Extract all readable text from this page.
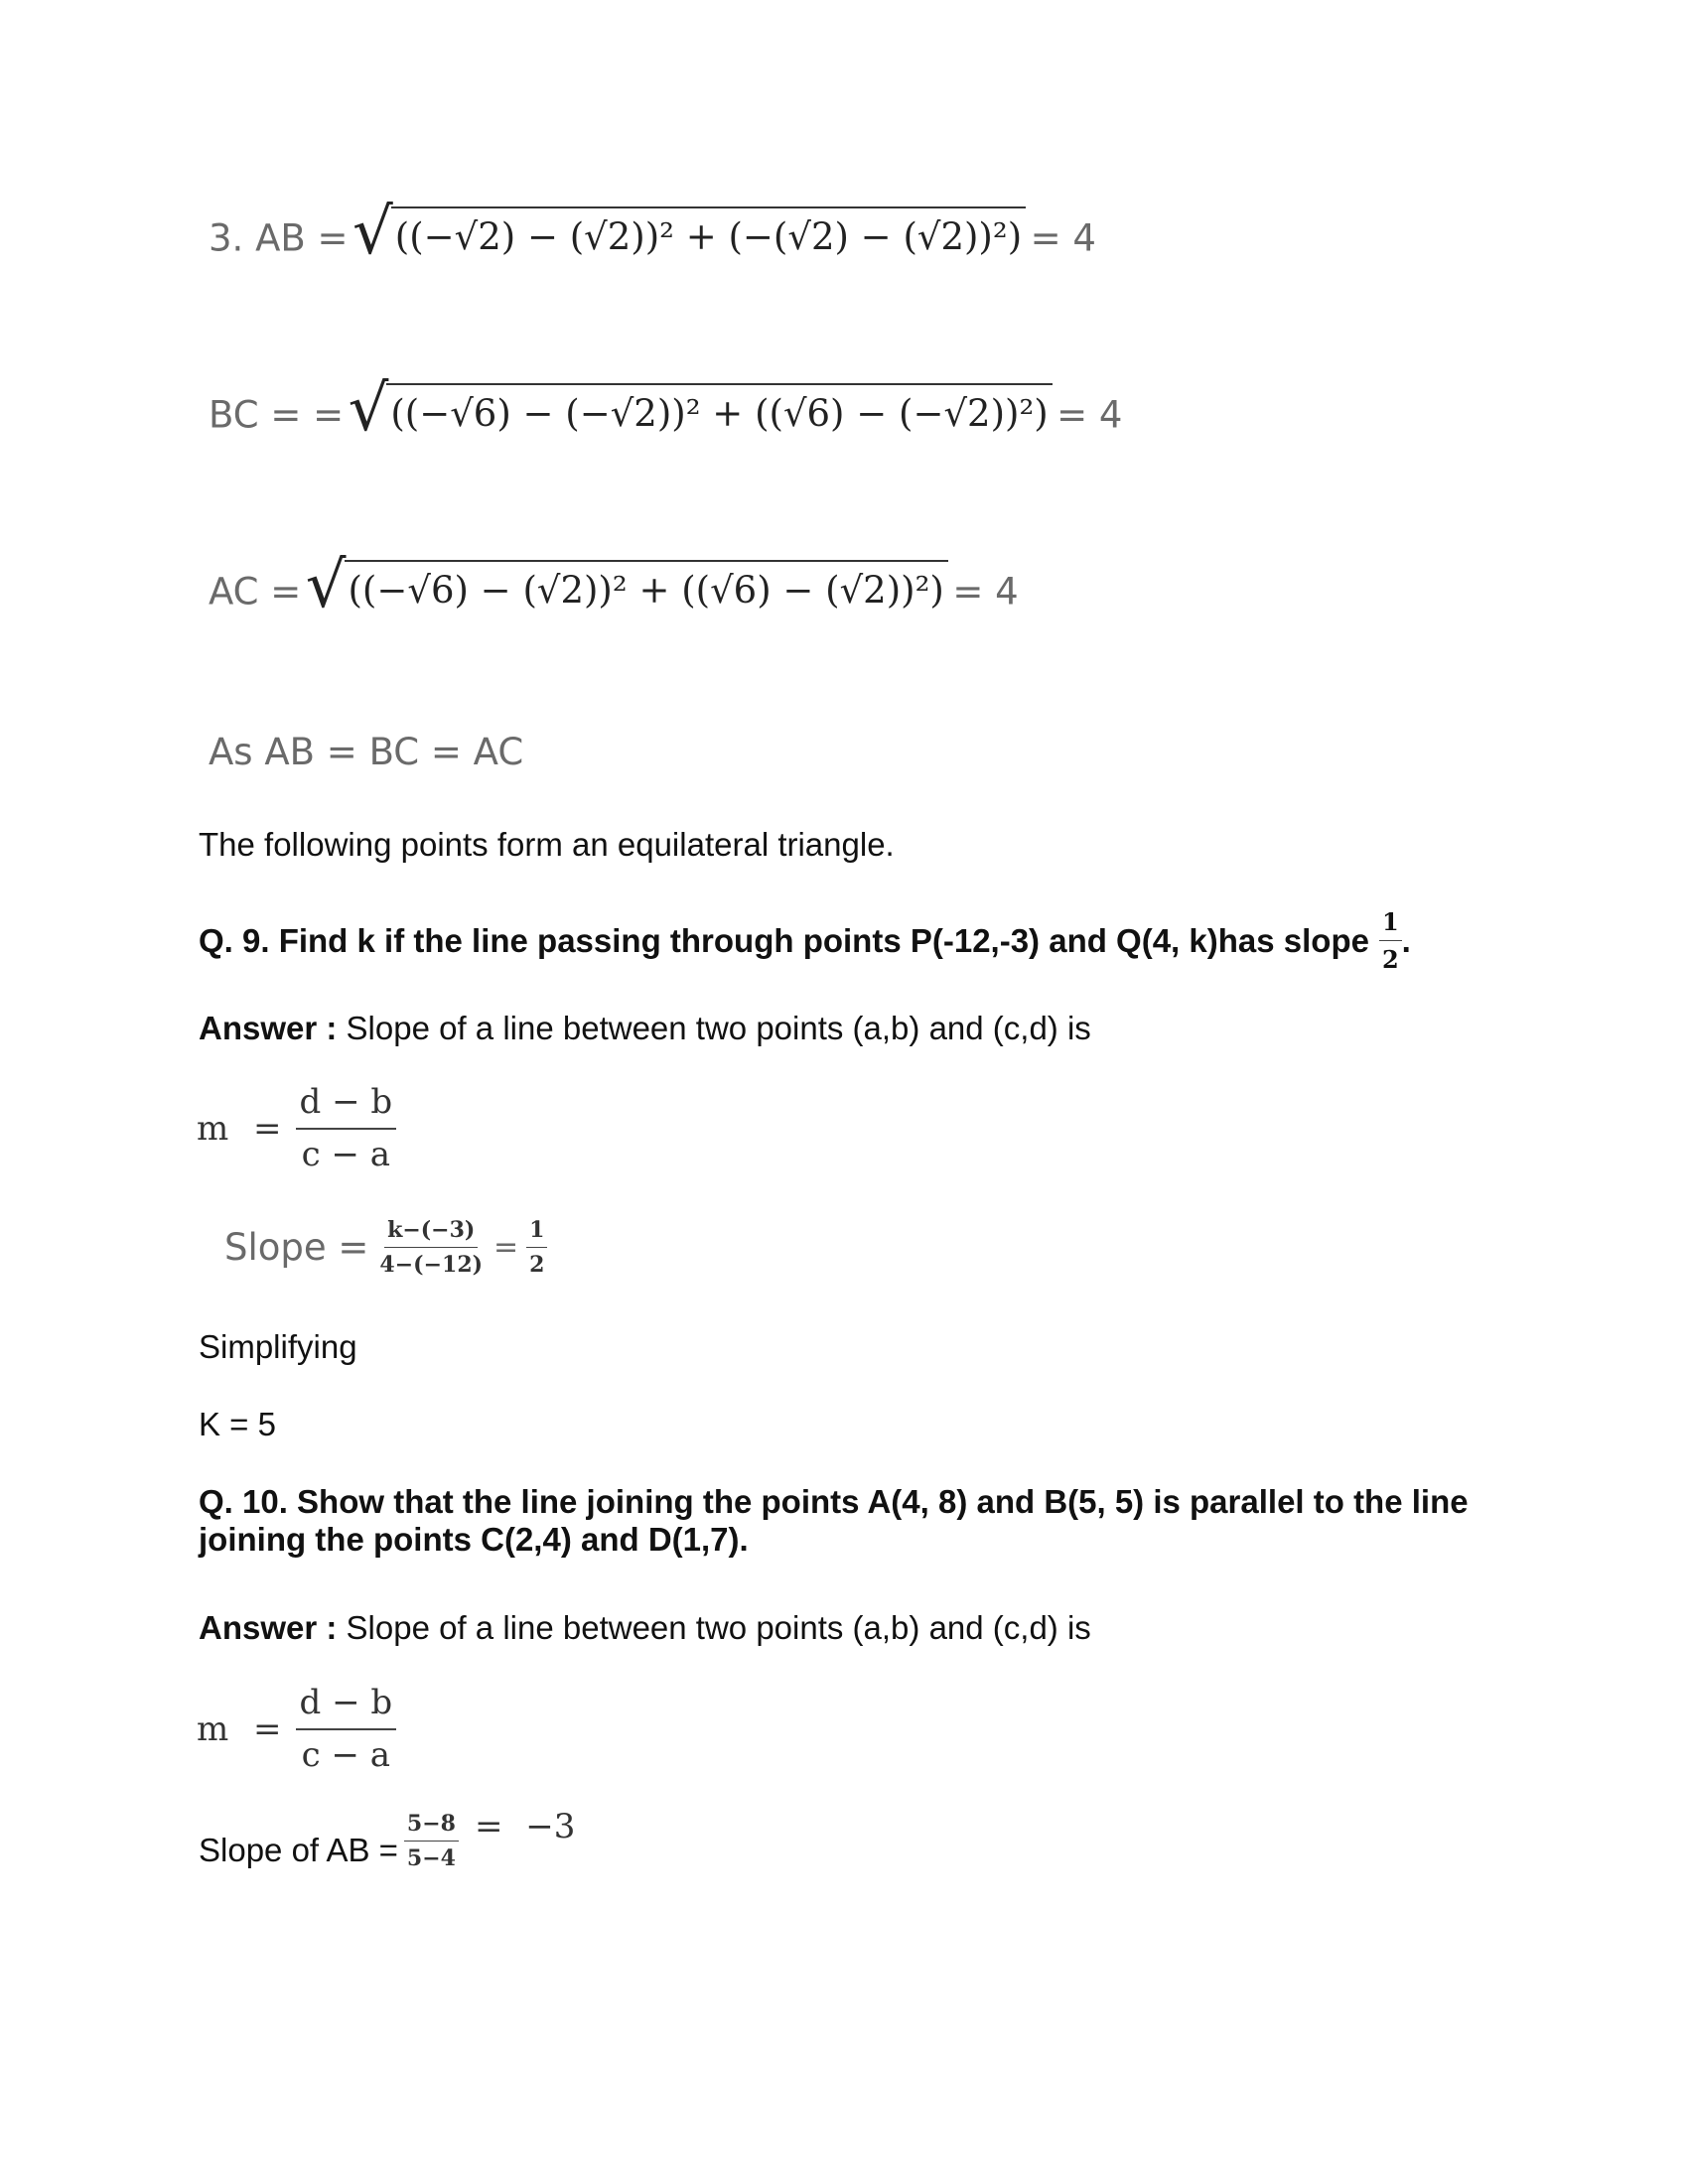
3. AB = √ ((−√2) − (√2))² + (−(√2) − (√2))²) = 4
BC = = √ ((−√6) − (−√2))² + ((√6) − (−√2))²) = 4
AC = √ ((−√6) − (√2))² + ((√6) − (√2))²) = 4
As AB = BC = AC
The following points form an equilateral triangle.
Q. 9. Find k if the line passing through points P(-12,-3) and Q(4, k)has slope $\frac{1}{2}$ .
Answer : Slope of a line between two points (a,b) and (c,d) is
$m = \frac{d - b}{c - a}$
Slope = $\frac{k-(-3)}{4-(-12)} = \frac{1}{2}$
Simplifying
K = 5
Q. 10. Show that the line joining the points A(4, 8) and B(5, 5) is parallel to the line
joining the points C(2,4) and D(1,7).
Answer : Slope of a line between two points (a,b) and (c,d) is
$m = \frac{d - b}{c - a}$
Slope of AB = $\frac{5-8}{5-4} = -3$
